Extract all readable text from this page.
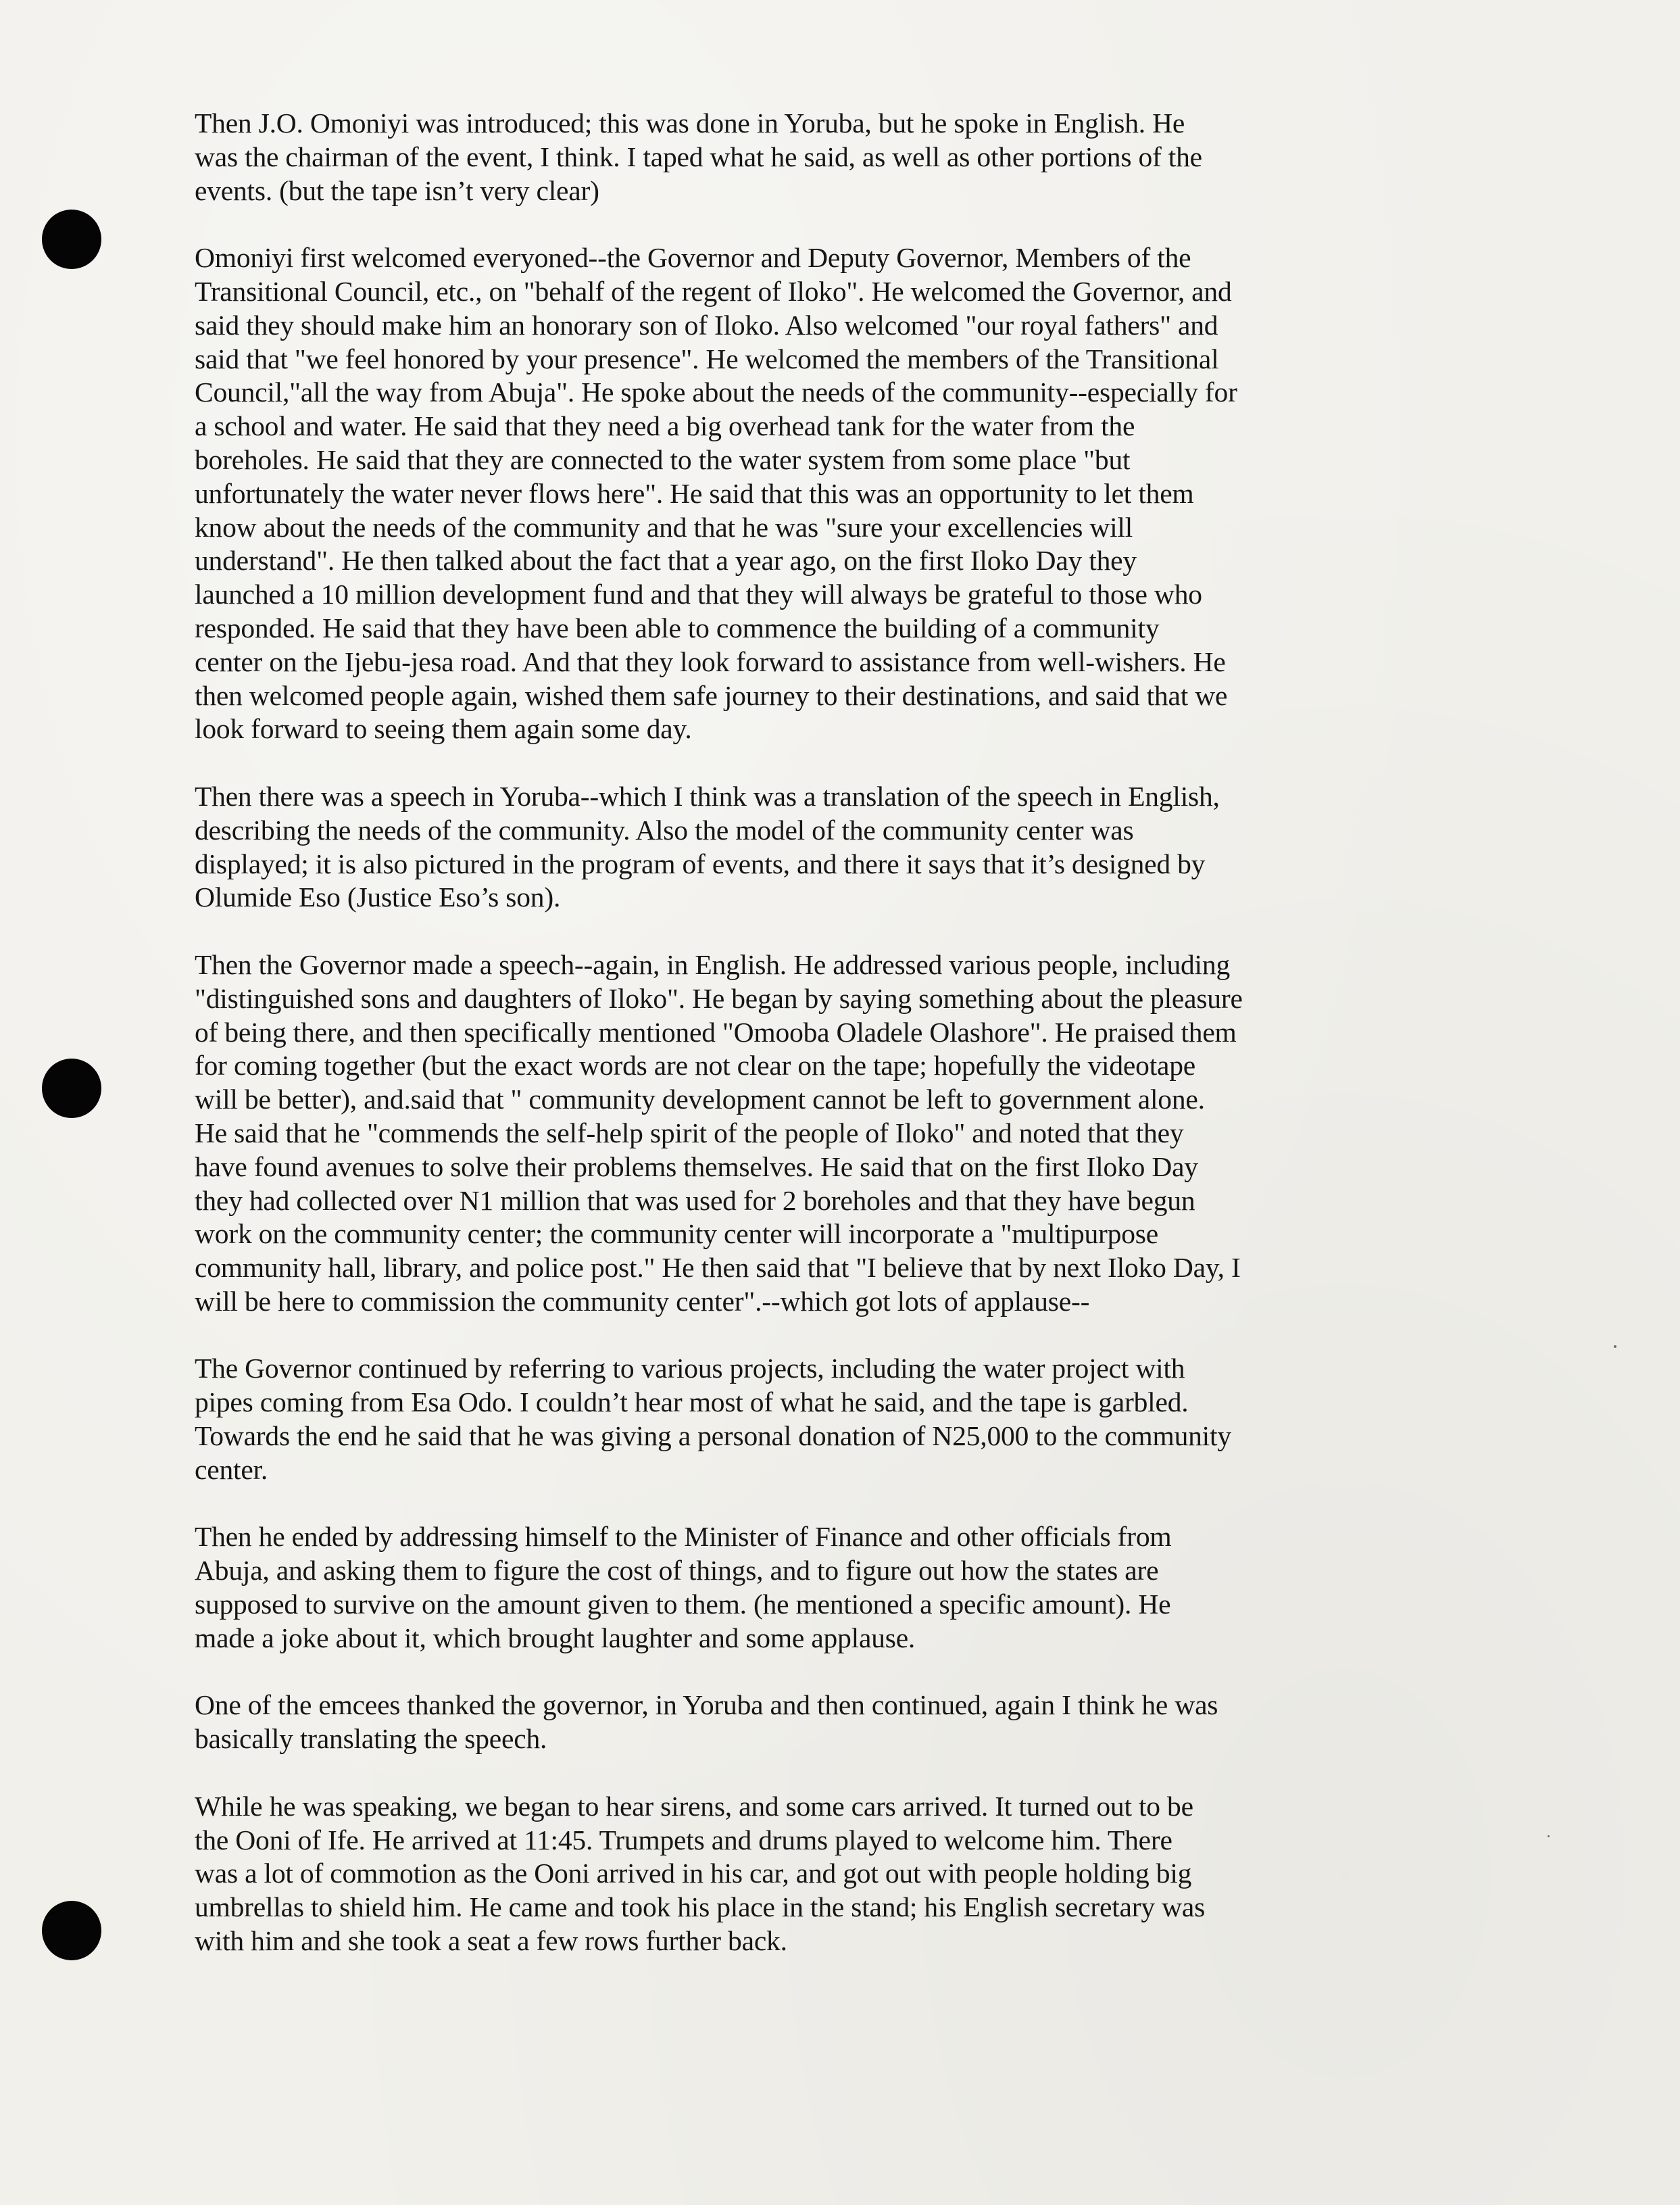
Then J.O. Omoniyi was introduced; this was done in Yoruba, but he spoke in English. He
was the chairman of the event, I think. I taped what he said, as well as other portions of the
events. (but the tape isn’t very clear)

Omoniyi first welcomed everyoned--the Governor and Deputy Governor, Members of the
Transitional Council, etc., on "behalf of the regent of Iloko". He welcomed the Governor, and
said they should make him an honorary son of Iloko. Also welcomed "our royal fathers" and
said that "we feel honored by your presence". He welcomed the members of the Transitional
Council,"all the way from Abuja". He spoke about the needs of the community--especially for
a school and water. He said that they need a big overhead tank for the water from the
boreholes. He said that they are connected to the water system from some place "but
unfortunately the water never flows here". He said that this was an opportunity to let them
know about the needs of the community and that he was "sure your excellencies will
understand". He then talked about the fact that a year ago, on the first Iloko Day they
launched a 10 million development fund and that they will always be grateful to those who
responded. He said that they have been able to commence the building of a community
center on the Ijebu-jesa road. And that they look forward to assistance from well-wishers. He
then welcomed people again, wished them safe journey to their destinations, and said that we
look forward to seeing them again some day.

Then there was a speech in Yoruba--which I think was a translation of the speech in English,
describing the needs of the community. Also the model of the community center was
displayed; it is also pictured in the program of events, and there it says that it’s designed by
Olumide Eso (Justice Eso’s son).

Then the Governor made a speech--again, in English. He addressed various people, including
"distinguished sons and daughters of Iloko". He began by saying something about the pleasure
of being there, and then specifically mentioned "Omooba Oladele Olashore". He praised them
for coming together (but the exact words are not clear on the tape; hopefully the videotape
will be better), and.said that " community development cannot be left to government alone.
He said that he "commends the self-help spirit of the people of Iloko" and noted that they
have found avenues to solve their problems themselves. He said that on the first Iloko Day
they had collected over N1 million that was used for 2 boreholes and that they have begun
work on the community center; the community center will incorporate a "multipurpose
community hall, library, and police post." He then said that "I believe that by next Iloko Day, I
will be here to commission the community center".--which got lots of applause--

The Governor continued by referring to various projects, including the water project with
pipes coming from Esa Odo. I couldn’t hear most of what he said, and the tape is garbled.
Towards the end he said that he was giving a personal donation of N25,000 to the community
center.

Then he ended by addressing himself to the Minister of Finance and other officials from
Abuja, and asking them to figure the cost of things, and to figure out how the states are
supposed to survive on the amount given to them. (he mentioned a specific amount). He
made a joke about it, which brought laughter and some applause.

One of the emcees thanked the governor, in Yoruba and then continued, again I think he was
basically translating the speech.

While he was speaking, we began to hear sirens, and some cars arrived. It turned out to be
the Ooni of Ife. He arrived at 11:45. Trumpets and drums played to welcome him. There
was a lot of commotion as the Ooni arrived in his car, and got out with people holding big
umbrellas to shield him. He came and took his place in the stand; his English secretary was
with him and she took a seat a few rows further back.
